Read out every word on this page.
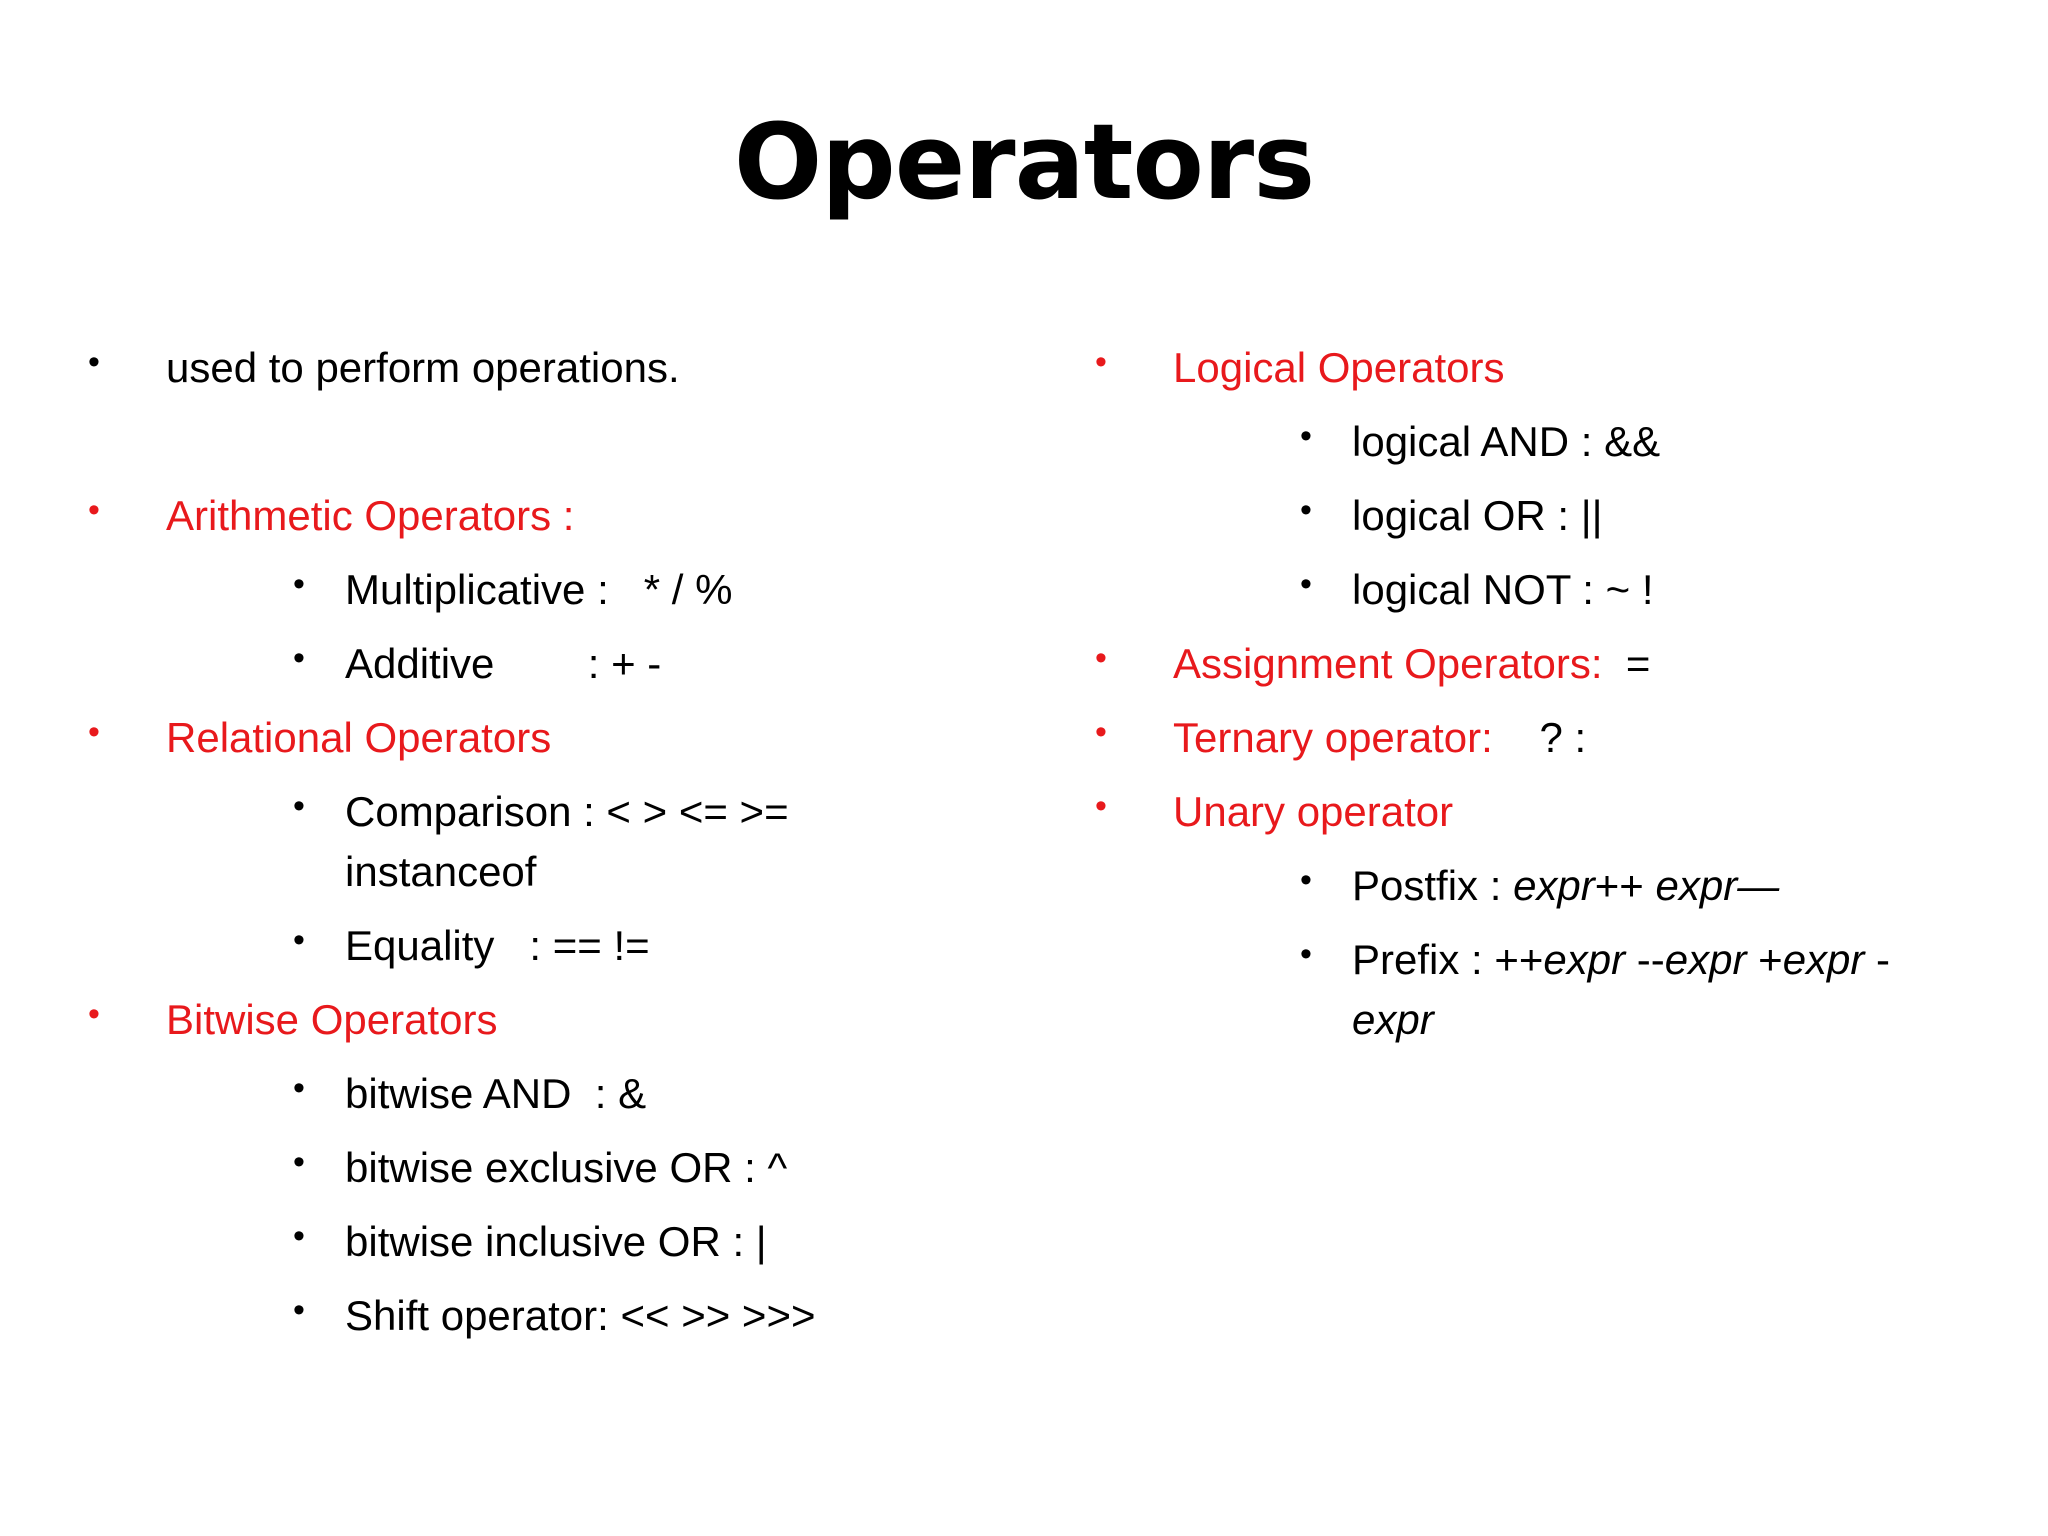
Operators
• used to perform operations.
• Arithmetic Operators :
• Multiplicative :   * / %
• Additive        : + -
• Relational Operators
• Comparison : < > <= >=
instanceof
• Equality   : == !=
• Bitwise Operators
• bitwise AND  : &
• bitwise exclusive OR : ^
• bitwise inclusive OR : |
• Shift operator: << >> >>>
• Logical Operators
• logical AND : &&
• logical OR : ||
• logical NOT : ~ !
• Assignment Operators:  =
• Ternary operator:    ? :
• Unary operator
• Postfix : expr++ expr—
• Prefix : ++expr --expr +expr -
expr
